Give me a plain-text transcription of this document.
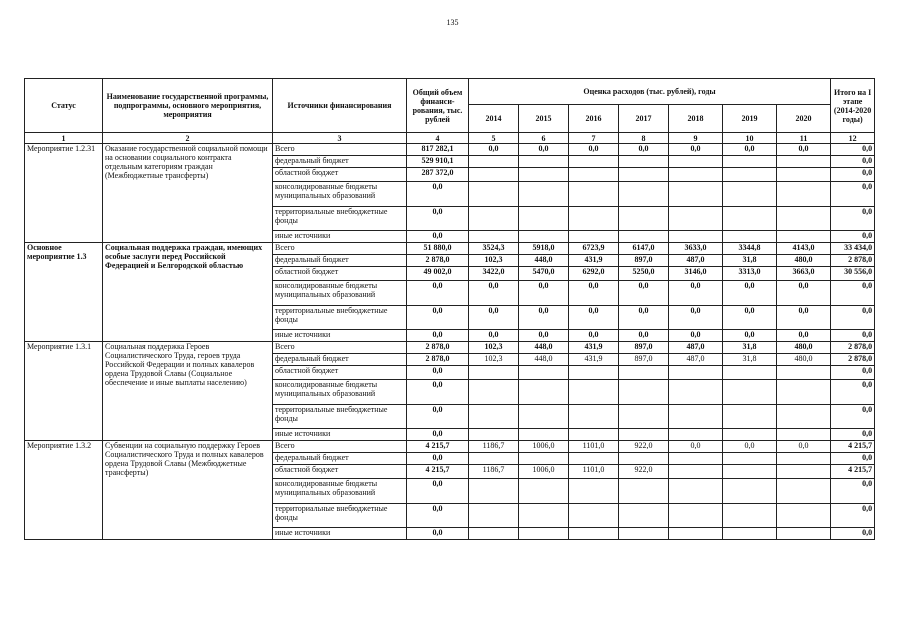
135
Статус	Наименование государственной программы, подпрограммы, основного мероприятия, мероприятия	Источники финансирования	Общий объем финанси-рования, тыс. рублей	Оценка расходов (тыс. рублей), годы							Итого на I этапе (2014-2020 годы)
				2014	2015	2016	2017	2018	2019	2020	
1	2	3	4	5	6	7	8	9	10	11	12
Мероприятие 1.2.31	Оказание государственной социальной помощи на основании социального контракта отдельным категориям граждан (Межбюджетные трансферты)	Всего	817 282,1	0,0	0,0	0,0	0,0	0,0	0,0	0,0	0,0
		федеральный бюджет	529 910,1								0,0
		областной бюджет	287 372,0								0,0
		консолидированные бюджеты муниципальных образований	0,0								0,0
		территориальные внебюджетные фонды	0,0								0,0
		иные источники	0,0								0,0
Основное мероприятие 1.3	Социальная поддержка граждан, имеющих особые заслуги перед Российской Федерацией и Белгородской областью	Всего	51 880,0	3524,3	5918,0	6723,9	6147,0	3633,0	3344,8	4143,0	33 434,0
		федеральный бюджет	2 878,0	102,3	448,0	431,9	897,0	487,0	31,8	480,0	2 878,0
		областной бюджет	49 002,0	3422,0	5470,0	6292,0	5250,0	3146,0	3313,0	3663,0	30 556,0
		консолидированные бюджеты муниципальных образований	0,0	0,0	0,0	0,0	0,0	0,0	0,0	0,0	0,0
		территориальные внебюджетные фонды	0,0	0,0	0,0	0,0	0,0	0,0	0,0	0,0	0,0
		иные источники	0,0	0,0	0,0	0,0	0,0	0,0	0,0	0,0	0,0
Мероприятие 1.3.1	Социальная поддержка Героев Социалистического Труда, героев труда Российской Федерации и полных кавалеров ордена Трудовой Славы (Социальное обеспечение и иные выплаты населению)	Всего	2 878,0	102,3	448,0	431,9	897,0	487,0	31,8	480,0	2 878,0
		федеральный бюджет	2 878,0	102,3	448,0	431,9	897,0	487,0	31,8	480,0	2 878,0
		областной бюджет	0,0								0,0
		консолидированные бюджеты муниципальных образований	0,0								0,0
		территориальные внебюджетные фонды	0,0								0,0
		иные источники	0,0								0,0
Мероприятие 1.3.2	Субвенции на социальную поддержку Героев Социалистического Труда и полных кавалеров ордена Трудовой Славы (Межбюджетные трансферты)	Всего	4 215,7	1186,7	1006,0	1101,0	922,0	0,0	0,0	0,0	4 215,7
		федеральный бюджет	0,0								0,0
		областной бюджет	4 215,7	1186,7	1006,0	1101,0	922,0				4 215,7
		консолидированные бюджеты муниципальных образований	0,0								0,0
		территориальные внебюджетные фонды	0,0								0,0
		иные источники	0,0								0,0
